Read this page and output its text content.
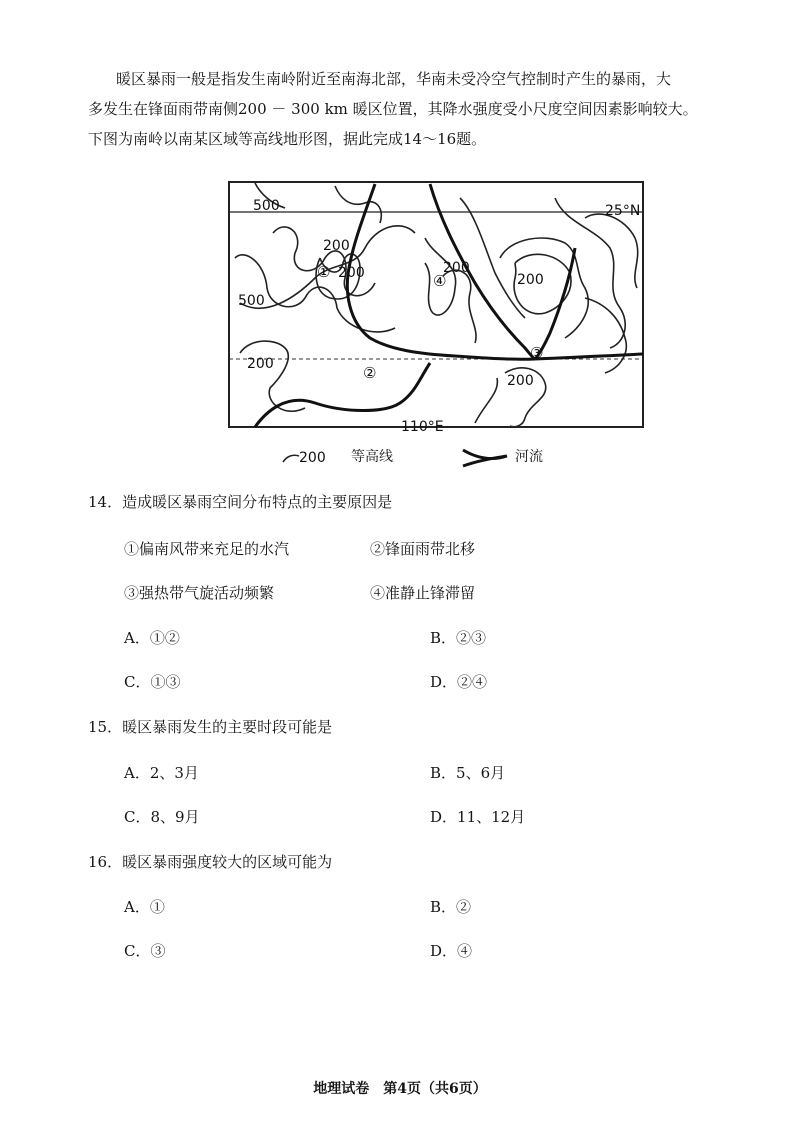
暖区暴雨一般是指发生南岭附近至南海北部，华南未受冷空气控制时产生的暴雨，大

多发生在锋面雨带南侧200 － 300 km 暖区位置，其降水强度受小尺度空间因素影响较大。

下图为南岭以南某区域等高线地形图，据此完成14～16题。

500
200
200
500
200
200
200
200
①
②
③
④
25°N
110°E
200 等高线	河流
14．造成暖区暴雨空间分布特点的主要原因是
①偏南风带来充足的水汽	②锋面雨带北移
③强热带气旋活动频繁	④准静止锋滞留
A．①②	B．②③
C．①③	D．②④
15．暖区暴雨发生的主要时段可能是
A．2、3月	B．5、6月
C．8、9月	D．11、12月
16．暖区暴雨强度较大的区域可能为
A．①	B．②
C．③	D．④
地理试卷　第4页（共6页）
